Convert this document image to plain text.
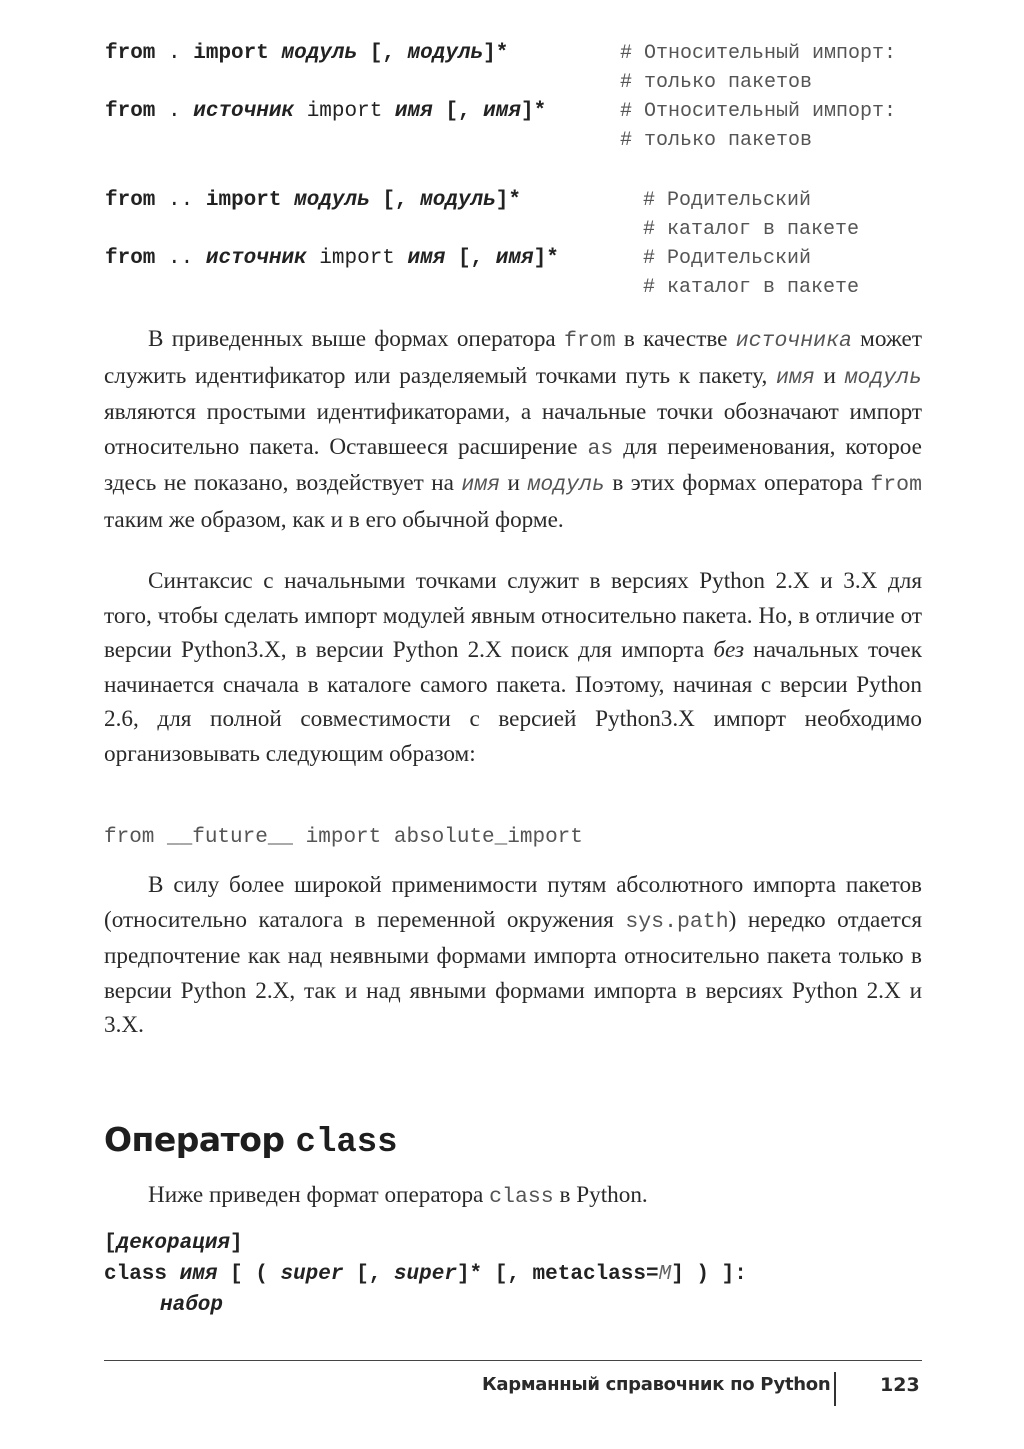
from . import модуль [, модуль]*	# Относительный импорт:
# только пакетов
from . источник import имя [, имя]*	# Относительный импорт:
# только пакетов
from .. import модуль [, модуль]*	# Родительский
# каталог в пакете
from .. источник import имя [, имя]*	# Родительский
# каталог в пакете

В приведенных выше формах оператора from в качестве источника может служить идентификатор или разделяемый точками путь к пакету, имя и модуль являются простыми идентификаторами, а начальные точки обозначают импорт относительно пакета. Оставшееся расширение as для переименования, которое здесь не показано, воздействует на имя и модуль в этих формах оператора from таким же образом, как и в его обычной форме.

Синтаксис с начальными точками служит в версиях Python 2.X и 3.X для того, чтобы сделать импорт модулей явным относительно пакета. Но, в отличие от версии Python3.X, в версии Python 2.X поиск для импорта без начальных точек начинается сначала в каталоге самого пакета. Поэтому, начиная с версии Python 2.6, для полной совместимости с версией Python3.X импорт необходимо организовывать следующим образом:

from __future__ import absolute_import

В силу более широкой применимости путям абсолютного импорта пакетов (относительно каталога в переменной окружения sys.path) нередко отдается предпочтение как над неявными формами импорта относительно пакета только в версии Python 2.X, так и над явными формами импорта в версиях Python 2.X и 3.X.

Оператор class
Ниже приведен формат оператора class в Python.
[декорация]
class имя [ ( super [, super]* [, metaclass=M] ) ]:
набор
Карманный справочник по Python	123
